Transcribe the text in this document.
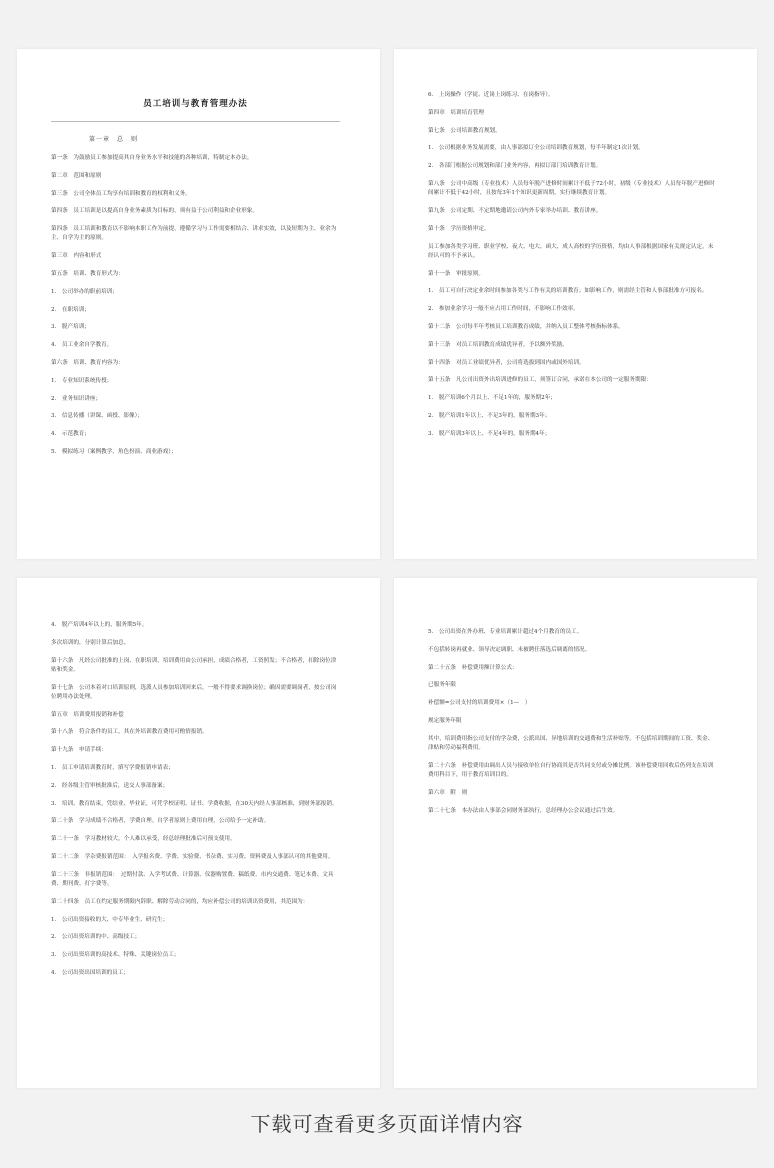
员工培训与教育管理办法
第一章　总　则
第一条　为鼓励员工参加提高其自身业务水平和技能的各种培训，特制定本办法。
第二章　范围和原则
第三条　公司全体员工均享有培训和教育的权利和义务。
第四条　员工培训是以提高自身业务素质为目标的，须有益于公司利益和企业形象。
第四条　员工培训和教育以不影响本职工作为前提，遵循学习与工作需要相结合、讲求实效，以及短期为主、业余为主、自学为主的原则。
第三章　内容和形式
第五条　培训、教育形式为：
1.　公司举办的职前培训；
2.　在职培训；
3.　脱产培训；
4.　员工业余自学教育。
第六条　培训、教育内容为：
1.　专业知识系统传授；
2.　业务知识讲座；
3.　信息传播（讲课、函授、影像）；
4.　示范教育；
5.　模拟练习（案例教学、角色扮演、商业游戏）；
6.　上岗操作（学徒、近岗上岗练习、在岗指导）。
第四章　培训培育管理
第七条　公司培训教育规划。
1.　公司根据业务发展需要，由人事部拟订全公司培训教育规划，每半年制定1次计划。
2.　各部门根据公司规划和部门业务内容，再拟订部门培训教育计划。
第八条　公司中高级（专业技术）人员每年脱产进修时间累计不低于72小时，初级（专业技术）人员每年脱产进修时间累计不低于42小时，且按每3年1个知识更新周期，实行继续教育计划。
第九条　公司定期、不定期地邀请公司内外专家举办培训、教育讲座。
第十条　学历资格审定。
员工参加各类学习班、职业学校、夜大、电大、函大、成人高校的学历资格，均由人事部根据国家有关规定认定，未经认可的不予承认。
第十一条　审批原则。
1.　员工可自行决定业余时间参加各类与工作有关的培训教育；如影响工作，则需经主管和人事部批准方可报名。
2.　参加业余学习一般不应占用工作时间，不影响工作效率。
第十二条　公司每半年考核员工培训教育成绩，并纳入员工整体考核指标体系。
第十三条　对员工培训教育成绩优异者，予以额外奖励。
第十四条　对员工业绩优异者，公司将选拔到国内或国外培训。
第十五条　凡公司出资外出培训进修的员工，须签订合同，承诺在本公司的一定服务期限：
1.　脱产培训6个月以上、不足1年的，服务期2年；
2.　脱产培训1年以上、不足3年的，服务期3年；
3.　脱产培训3年以上、不足4年的，服务期4年；
4.　脱产培训4年以上的，服务期5年。
多次培训的，分别计算后加总。
第十六条　凡经公司批准的上岗、在职培训，培训费用由公司承担，成绩合格者，工资照发；不合格者，扣除岗位津贴和奖金。
第十七条　公司本着对口培训原则，选派人员参加培训回来后，一般不得要求调换岗位；确因需要调岗者，按公司岗位聘用办法处理。
第五章　培训费用报销和补偿
第十八条　符合条件的员工，其在外培训教育费用可酌情报销。
第十九条　申请手续：
1.　员工申请培训教育时，填写学费报销申请表；
2.　经各级主管审核批准后，送交人事部备案；
3.　培训、教育结束，凭结业、毕业证，可凭学校证明、证书、学费收据，在30天内经人事部核准，到财务部报销。
第二十条　学习成绩不合格者，学费自理。自学者原则上费用自理，公司给予一定补助。
第二十一条　学习教材较大，个人难以承受，经总经理批准后可预支使用。
第二十二条　学杂费报销范围：　入学报名费、学费、实验费、书杂费、实习费、资料费及人事部认可的其他费用。
第二十三条　非报销范围：　过期付款、入学考试费、计算器、仪器购置费、稿纸费、市内交通费、笔记本费、文具费、期刊费、打字费等。
第二十四条　员工在约定服务期限内辞职、解除劳动合同的，均应补偿公司的培训出资费用，其范围为：
1.　公司出资接收的大、中专毕业生、研究生；
2.　公司出资培训的中、高级技工；
3.　公司出资培训的高技术、特殊、关键岗位员工；
4.　公司出资出国培训的员工；
5.　公司出资在外办班、专业培训累计超过4个月教育的员工。
不包括转岗再就业、领导决定调职、未被聘任落选后调离的情况。
第二十五条　补偿费用额计算公式：
已服务年限
补偿额=公司支付的培训费用×（1—　）
规定服务年限
其中，培训费用指公司支付的学杂费，公派出国、异地培训的交通费和生活补贴等。不包括培训期间的工资、奖金、津贴和劳动福利费用。
第二十六条　补偿费用由调出人员与接收单位自行协商其是否共同支付或分摊比例。该补偿费用回收后仍列支在培训费用科目下，用于教育培训目的。
第六章　附　则
第二十七条　本办法由人事部会同财务部执行，总经理办公会议通过后生效。
下载可查看更多页面详情内容
